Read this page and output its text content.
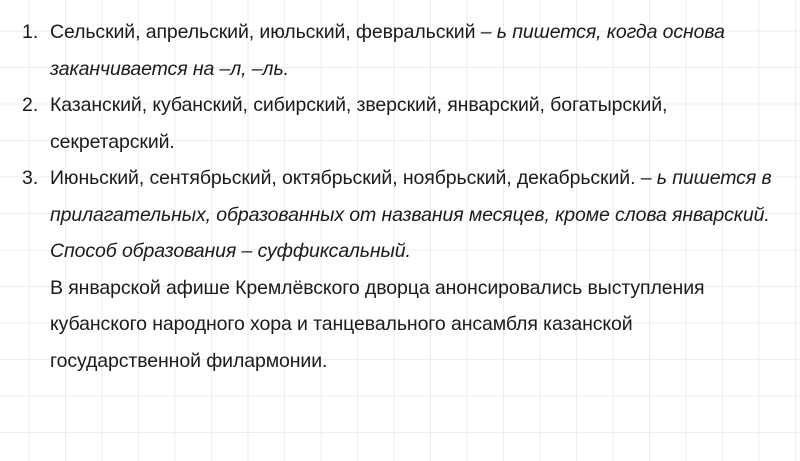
1. Сельский, апрельский, июльский, февральский – ь пишется, когда основа заканчивается на –л, –ль.
2. Казанский, кубанский, сибирский, зверский, январский, богатырский, секретарский.
3. Июньский, сентябрьский, октябрьский, ноябрьский, декабрьский. – ь пишется в прилагательных, образованных от названия месяцев, кроме слова январский.
Способ образования – суффиксальный.
В январской афише Кремлёвского дворца анонсировались выступления кубанского народного хора и танцевального ансамбля казанской государственной филармонии.
